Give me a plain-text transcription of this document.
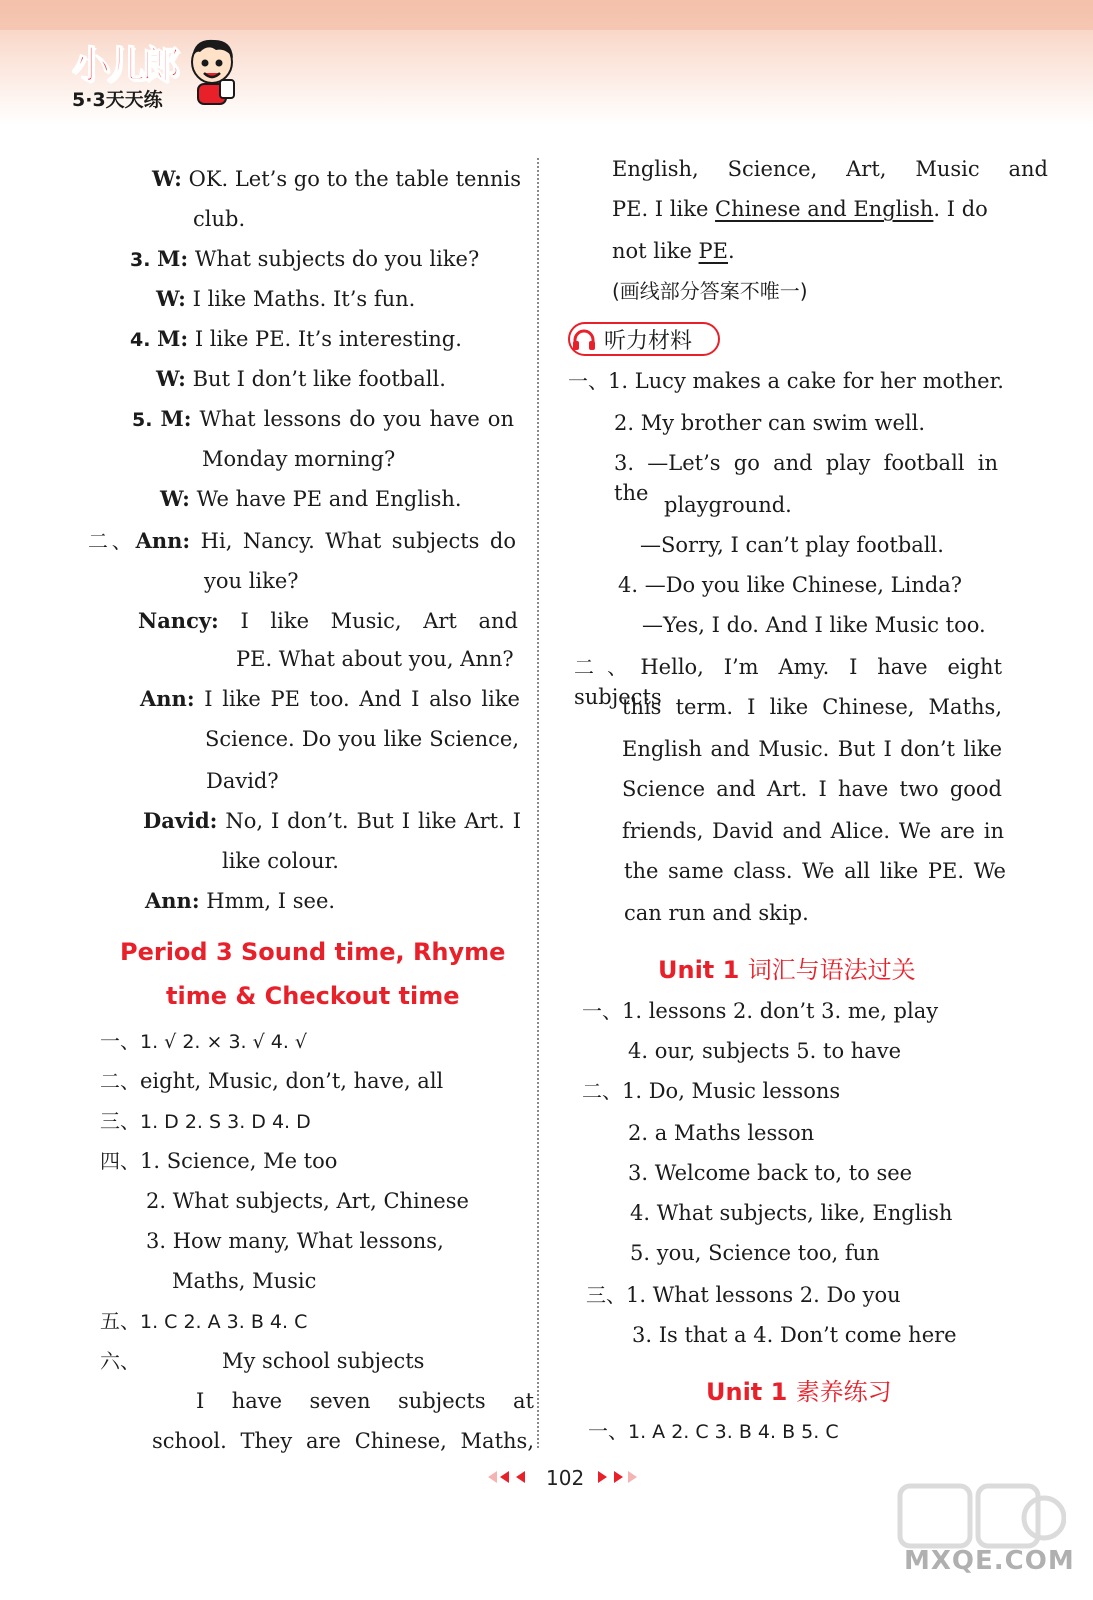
小儿郎
5·3天天练
W: OK. Let’s go to the table tennis
club.
3. M: What subjects do you like?
W: I like Maths. It’s fun.
4. M: I like PE. It’s interesting.
W: But I don’t like football.
5. M: What lessons do you have on
Monday morning?
W: We have PE and English.
二、Ann: Hi, Nancy. What subjects do
you like?
Nancy: I like Music, Art and
PE. What about you, Ann?
Ann: I like PE too. And I also like
Science. Do you like Science,
David?
David: No, I don’t. But I like Art. I
like colour.
Ann: Hmm, I see.
Period 3 Sound time, Rhyme
time & Checkout time
一、1. √ 2. × 3. √ 4. √
二、eight, Music, don’t, have, all
三、1. D 2. S 3. D 4. D
四、1. Science, Me too
2. What subjects, Art, Chinese
3. How many, What lessons,
Maths, Music
五、1. C 2. A 3. B 4. C
六、	My school subjects
I have seven subjects at
school. They are Chinese, Maths,
English, Science, Art, Music and
PE. I like Chinese and English. I do
not like PE.
(画线部分答案不唯一)
听力材料
一、1. Lucy makes a cake for her mother.
2. My brother can swim well.
3. —Let’s go and play football in the playground.
—Sorry, I can’t play football.
4. —Do you like Chinese, Linda?
—Yes, I do. And I like Music too.
二、Hello, I’m Amy. I have eight subjects
this term. I like Chinese, Maths,
English and Music. But I don’t like
Science and Art. I have two good
friends, David and Alice. We are in
the same class. We all like PE. We
can run and skip.
Unit 1 词汇与语法过关
一、1. lessons 2. don’t 3. me, play
4. our, subjects 5. to have
二、1. Do, Music lessons
2. a Maths lesson
3. Welcome back to, to see
4. What subjects, like, English
5. you, Science too, fun
三、1. What lessons 2. Do you
3. Is that a 4. Don’t come here
Unit 1 素养练习
一、1. A 2. C 3. B 4. B 5. C
102
MXQE.COM
